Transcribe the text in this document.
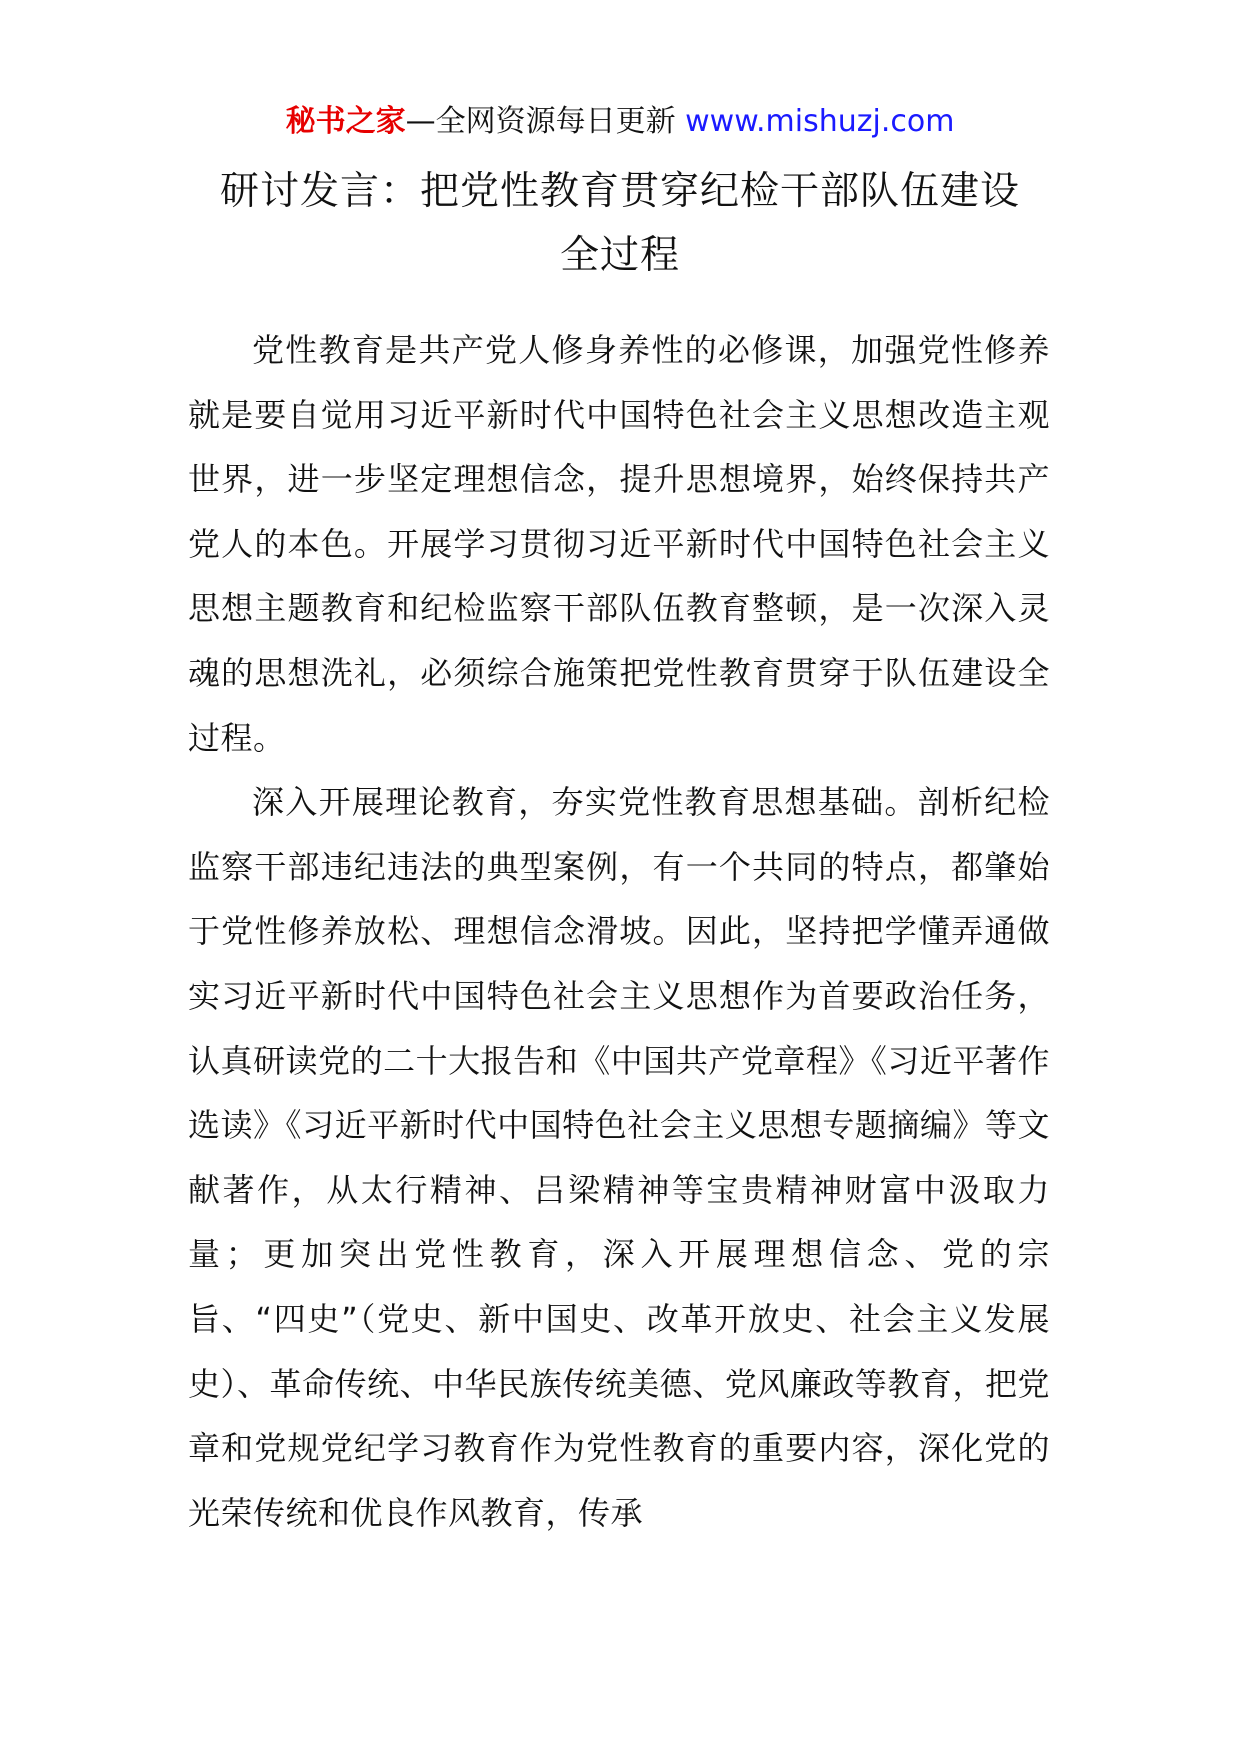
秘书之家—全网资源每日更新 www.mishuzj.com
研讨发言：把党性教育贯穿纪检干部队伍建设
全过程

党性教育是共产党人修身养性的必修课，加强党性修养就是要自觉用习近平新时代中国特色社会主义思想改造主观世界，进一步坚定理想信念，提升思想境界，始终保持共产党人的本色。开展学习贯彻习近平新时代中国特色社会主义思想主题教育和纪检监察干部队伍教育整顿，是一次深入灵魂的思想洗礼，必须综合施策把党性教育贯穿于队伍建设全过程。

深入开展理论教育，夯实党性教育思想基础。剖析纪检监察干部违纪违法的典型案例，有一个共同的特点，都肇始于党性修养放松、理想信念滑坡。因此，坚持把学懂弄通做实习近平新时代中国特色社会主义思想作为首要政治任务，认真研读党的二十大报告和《中国共产党章程》《习近平著作选读》《习近平新时代中国特色社会主义思想专题摘编》等文献著作，从太行精神、吕梁精神等宝贵精神财富中汲取力量；更加突出党性教育，深入开展理想信念、党的宗旨、“四史”（党史、新中国史、改革开放史、社会主义发展史）、革命传统、中华民族传统美德、党风廉政等教育，把党章和党规党纪学习教育作为党性教育的重要内容，深化党的光荣传统和优良作风教育，传承
